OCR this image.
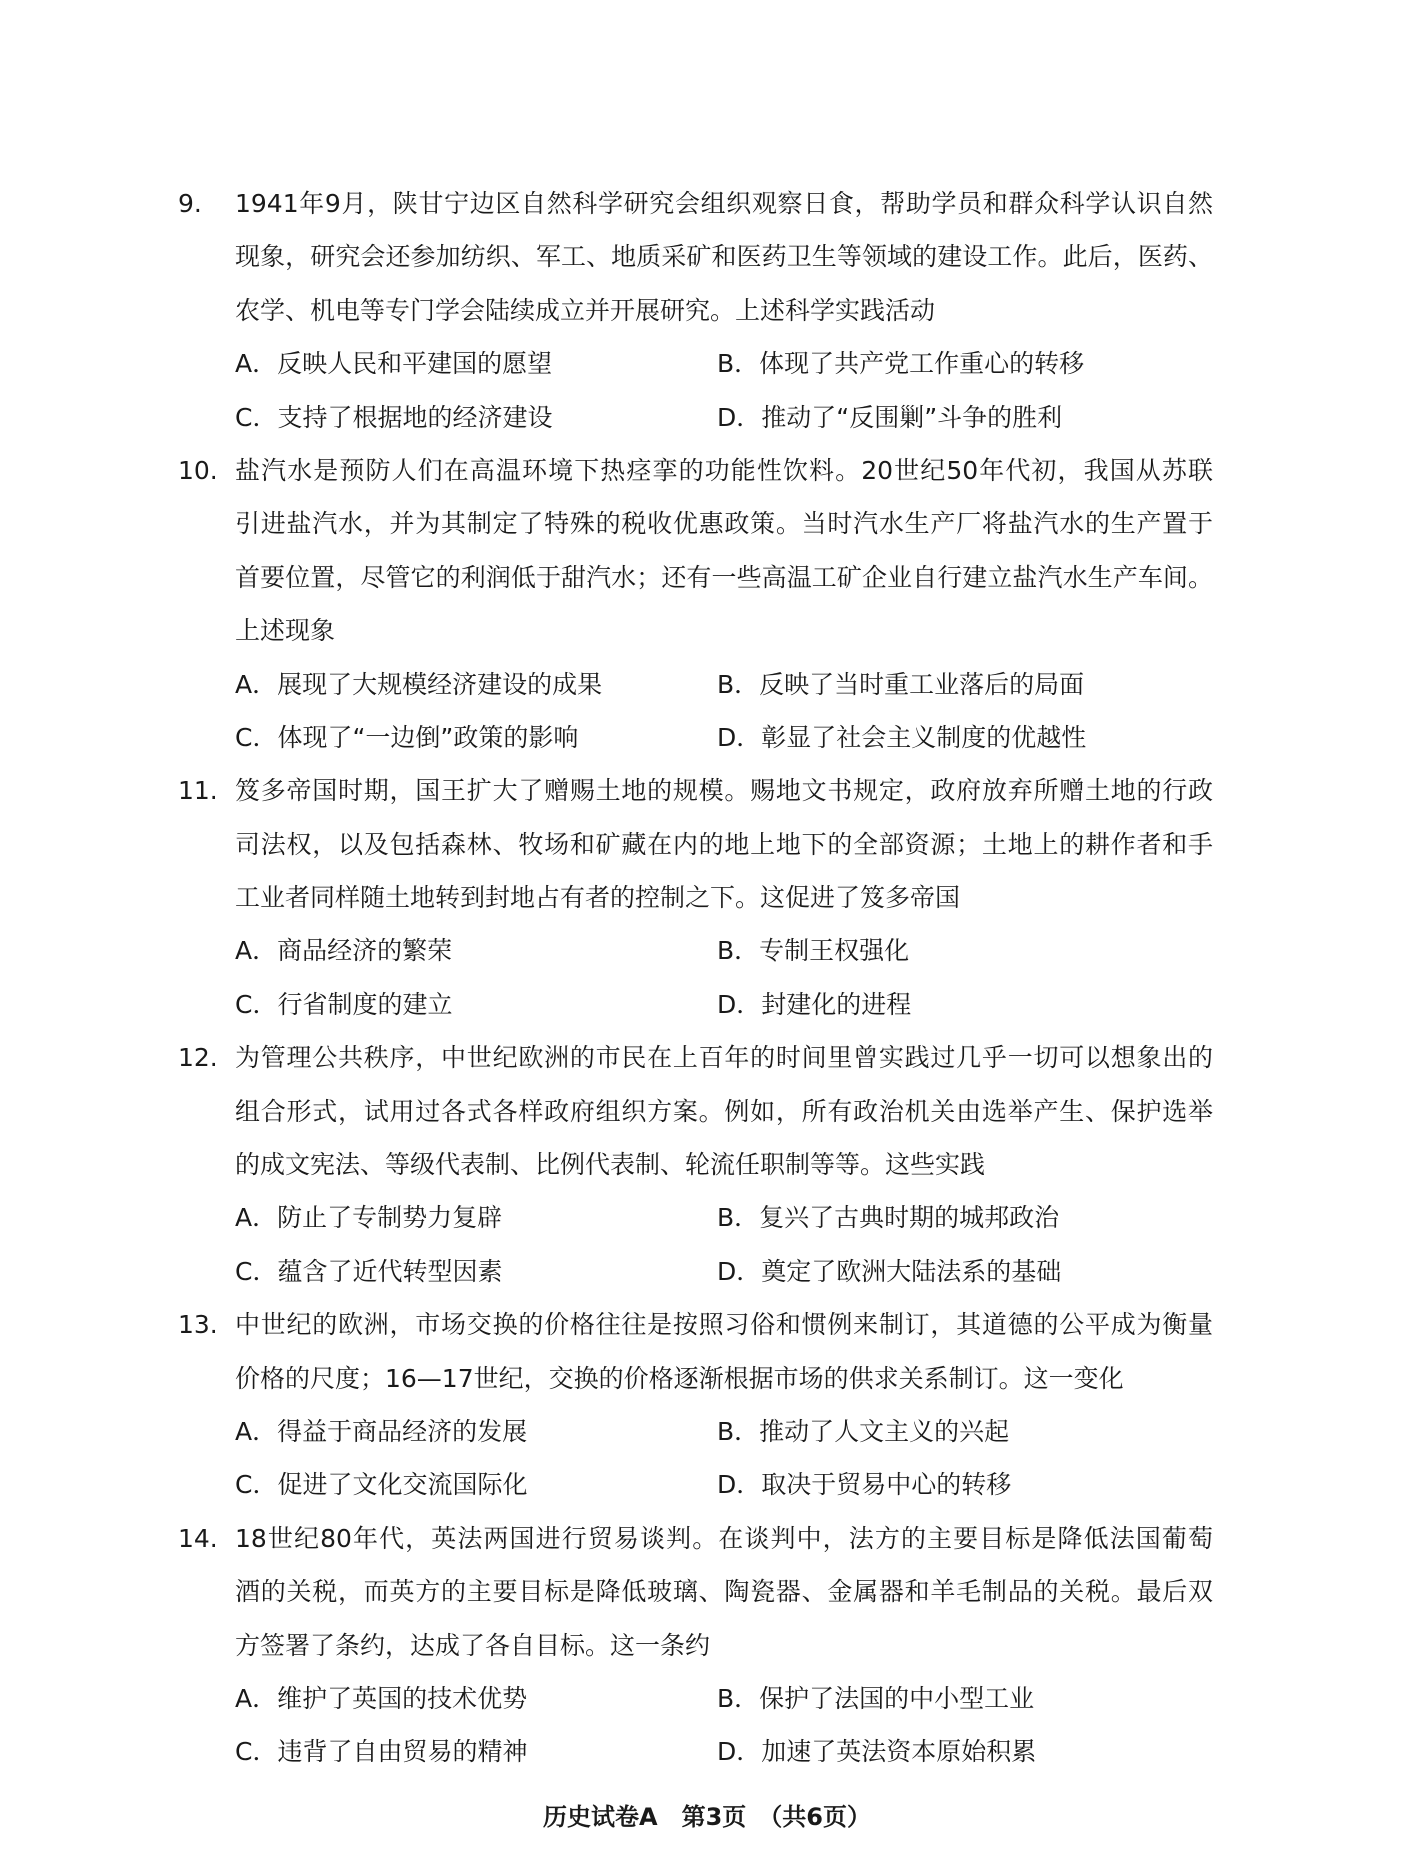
9.	1941年9月，陕甘宁边区自然科学研究会组织观察日食，帮助学员和群众科学认识自然
现象，研究会还参加纺织、军工、地质采矿和医药卫生等领域的建设工作。此后，医药、
农学、机电等专门学会陆续成立并开展研究。上述科学实践活动
A．反映人民和平建国的愿望	B．体现了共产党工作重心的转移
C．支持了根据地的经济建设	D．推动了“反围剿”斗争的胜利
10. 盐汽水是预防人们在高温环境下热痉挛的功能性饮料。20世纪50年代初，我国从苏联
引进盐汽水，并为其制定了特殊的税收优惠政策。当时汽水生产厂将盐汽水的生产置于
首要位置，尽管它的利润低于甜汽水；还有一些高温工矿企业自行建立盐汽水生产车间。
上述现象
A．展现了大规模经济建设的成果	B．反映了当时重工业落后的局面
C．体现了“一边倒”政策的影响	D．彰显了社会主义制度的优越性
11. 笈多帝国时期，国王扩大了赠赐土地的规模。赐地文书规定，政府放弃所赠土地的行政
司法权，以及包括森林、牧场和矿藏在内的地上地下的全部资源；土地上的耕作者和手
工业者同样随土地转到封地占有者的控制之下。这促进了笈多帝国
A．商品经济的繁荣	B．专制王权强化
C．行省制度的建立	D．封建化的进程
12. 为管理公共秩序，中世纪欧洲的市民在上百年的时间里曾实践过几乎一切可以想象出的
组合形式，试用过各式各样政府组织方案。例如，所有政治机关由选举产生、保护选举
的成文宪法、等级代表制、比例代表制、轮流任职制等等。这些实践
A．防止了专制势力复辟	B．复兴了古典时期的城邦政治
C．蕴含了近代转型因素	D．奠定了欧洲大陆法系的基础
13. 中世纪的欧洲，市场交换的价格往往是按照习俗和惯例来制订，其道德的公平成为衡量
价格的尺度；16—17世纪，交换的价格逐渐根据市场的供求关系制订。这一变化
A．得益于商品经济的发展	B．推动了人文主义的兴起
C．促进了文化交流国际化	D．取决于贸易中心的转移
14. 18世纪80年代，英法两国进行贸易谈判。在谈判中，法方的主要目标是降低法国葡萄
酒的关税，而英方的主要目标是降低玻璃、陶瓷器、金属器和羊毛制品的关税。最后双
方签署了条约，达成了各自目标。这一条约
A．维护了英国的技术优势	B．保护了法国的中小型工业
C．违背了自由贸易的精神	D．加速了英法资本原始积累
历史试卷A　第3页　（共6页）
